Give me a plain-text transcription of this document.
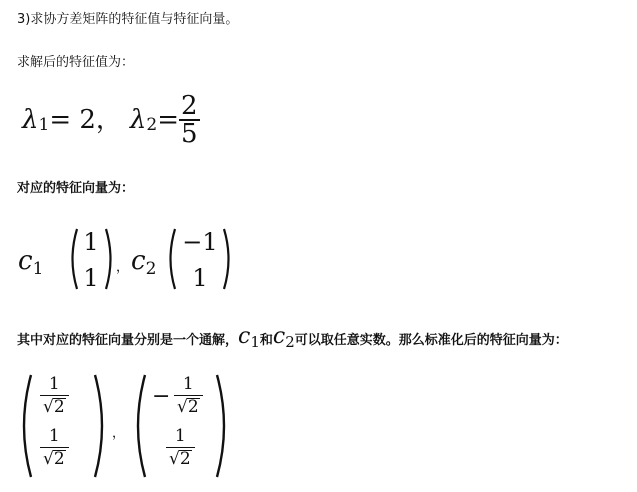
3)求协方差矩阵的特征值与特征向量。
求解后的特征值为：
λ 1 = 2， λ $2 = \frac{2}{5}$
对应的特征向量为：
c1
1
1	， c2
−1
1
其中对应的特征向量分别是一个通解， c1 和 c2 可以取任意实数。那么标准化后的特征向量为：
1
√ 2
1
√ 2
，
− 1
√ 2
1
√ 2
